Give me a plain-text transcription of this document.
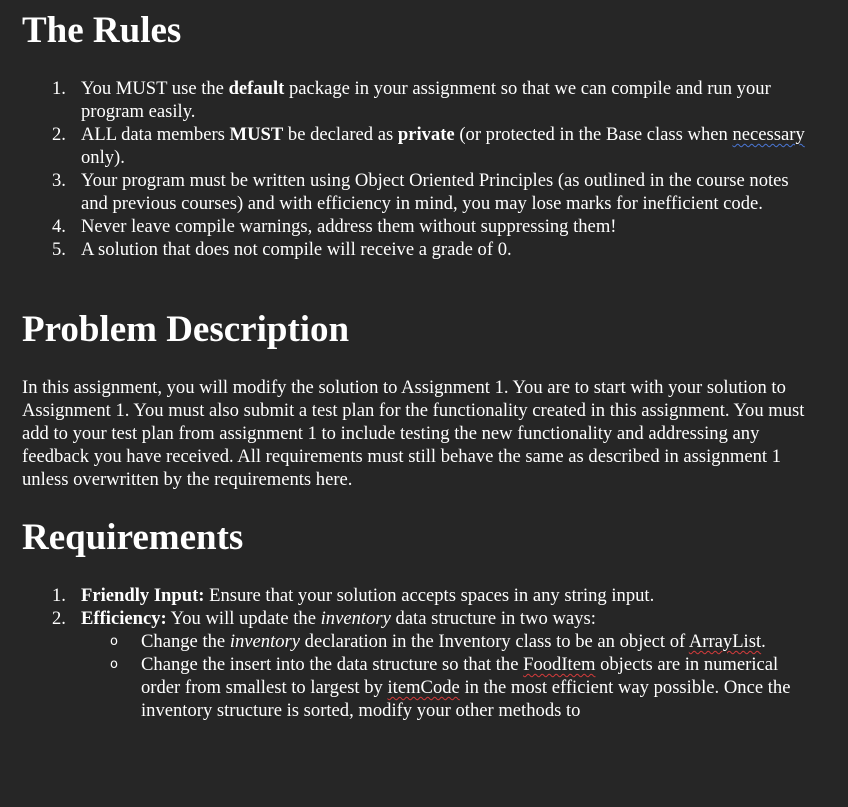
The Rules
1. You MUST use the default package in your assignment so that we can compile and run your program easily.
2. ALL data members MUST be declared as private (or protected in the Base class when necessary only).
3. Your program must be written using Object Oriented Principles (as outlined in the course notes and previous courses) and with efficiency in mind, you may lose marks for inefficient code.
4. Never leave compile warnings, address them without suppressing them!
5. A solution that does not compile will receive a grade of 0.
Problem Description

In this assignment, you will modify the solution to Assignment 1. You are to start with your solution to Assignment 1. You must also submit a test plan for the functionality created in this assignment. You must add to your test plan from assignment 1 to include testing the new functionality and addressing any feedback you have received. All requirements must still behave the same as described in assignment 1 unless overwritten by the requirements here.

Requirements
1. Friendly Input: Ensure that your solution accepts spaces in any string input.
2. Efficiency: You will update the inventory data structure in two ways:
o Change the inventory declaration in the Inventory class to be an object of ArrayList.
o Change the insert into the data structure so that the FoodItem objects are in numerical order from smallest to largest by itemCode in the most efficient way possible. Once the inventory structure is sorted, modify your other methods to
